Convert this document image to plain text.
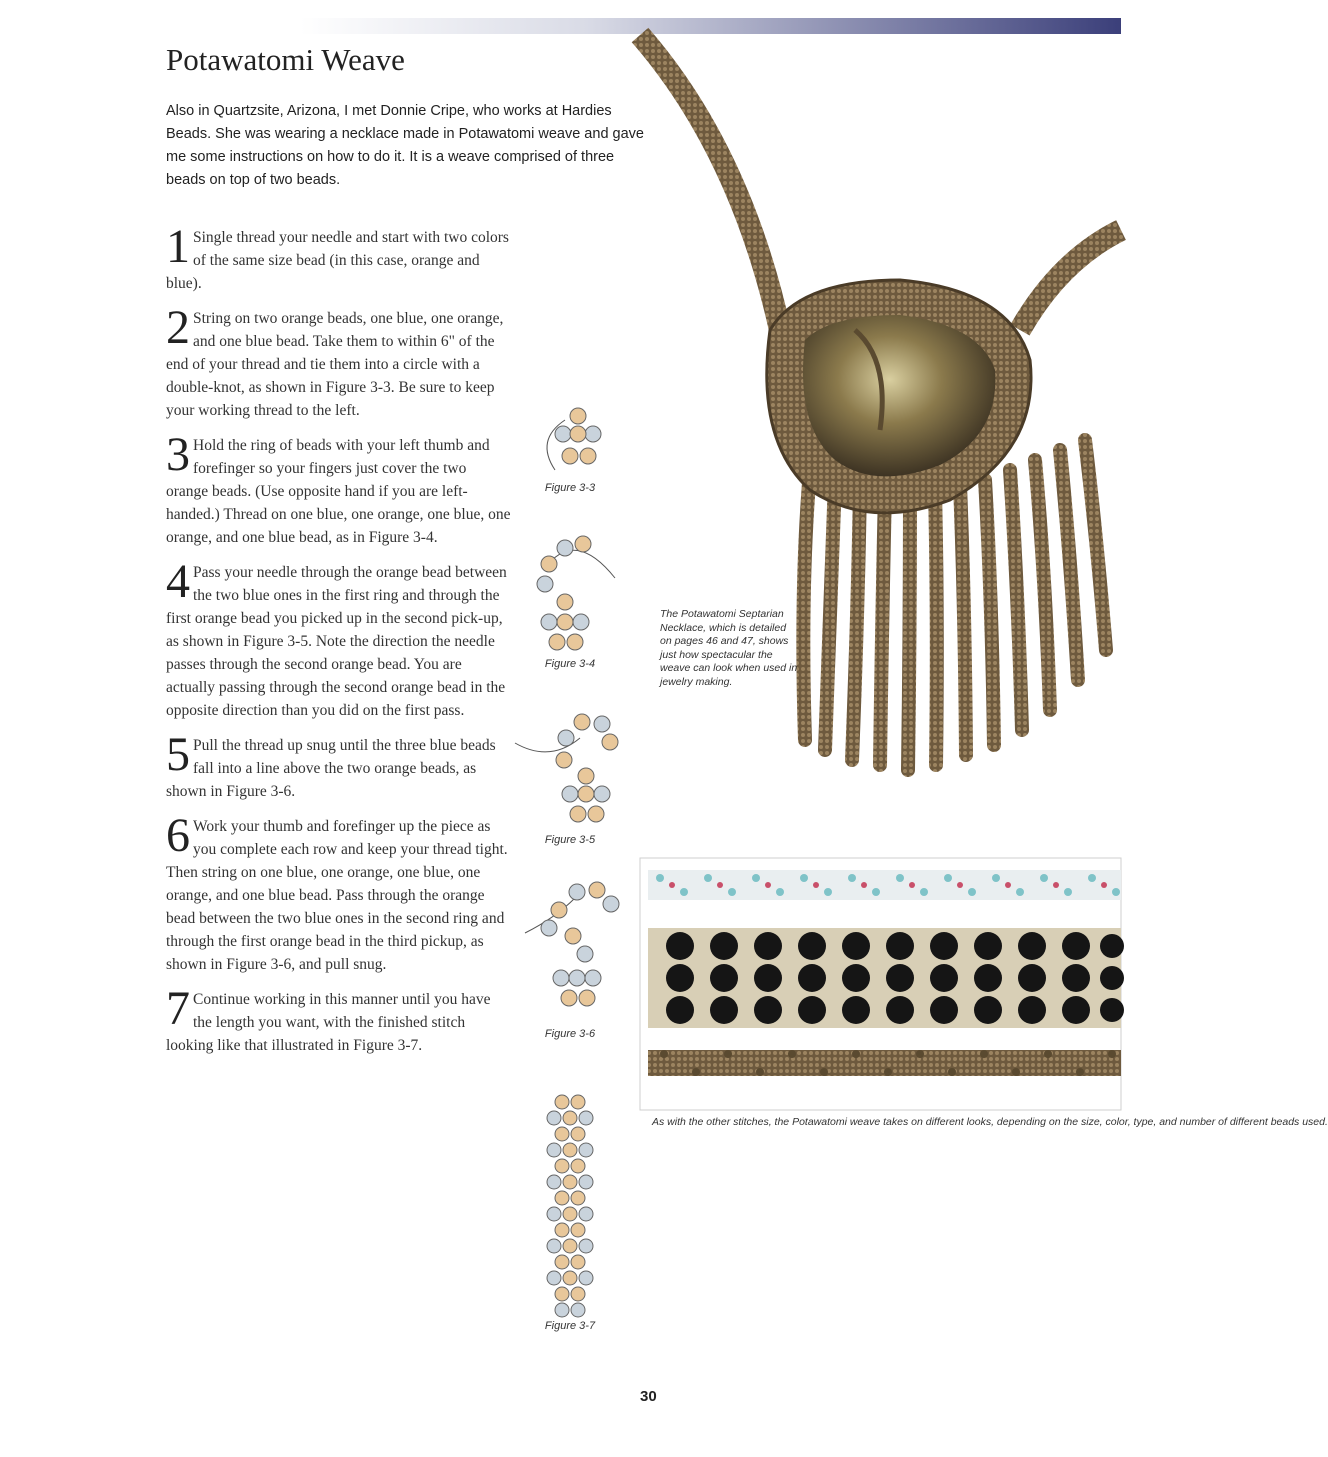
Potawatomi Weave

Also in Quartzsite, Arizona, I met Donnie Cripe, who works at Hardies Beads. She was wearing a necklace made in Potawatomi weave and gave me some instructions on how to do it. It is a weave comprised of three beads on top of two beads.

1 Single thread your needle and start with two colors of the same size bead (in this case, orange and blue).
2 String on two orange beads, one blue, one orange, and one blue bead. Take them to within 6" of the end of your thread and tie them into a circle with a double-knot, as shown in Figure 3-3. Be sure to keep your working thread to the left.
3 Hold the ring of beads with your left thumb and forefinger so your fingers just cover the two orange beads. (Use opposite hand if you are left-handed.) Thread on one blue, one orange, one blue, one orange, and one blue bead, as in Figure 3-4.
4 Pass your needle through the orange bead between the two blue ones in the first ring and through the first orange bead you picked up in the second pick-up, as shown in Figure 3-5. Note the direction the needle passes through the second orange bead. You are actually passing through the second orange bead in the opposite direction than you did on the first pass.
5 Pull the thread up snug until the three blue beads fall into a line above the two orange beads, as shown in Figure 3-6.
6 Work your thumb and forefinger up the piece as you complete each row and keep your thread tight. Then string on one blue, one orange, one blue, one orange, and one blue bead. Pass through the orange bead between the two blue ones in the second ring and through the first orange bead in the third pickup, as shown in Figure 3-6, and pull snug.
7 Continue working in this manner until you have the length you want, with the finished stitch looking like that illustrated in Figure 3-7.
Figure 3-3
Figure 3-4
Figure 3-5
Figure 3-6
Figure 3-7

The Potawatomi Septarian Necklace, which is detailed on pages 46 and 47, shows just how spectacular the weave can look when used in jewelry making.

As with the other stitches, the Potawatomi weave takes on different looks, depending on the size, color, type, and number of different beads used.

30
